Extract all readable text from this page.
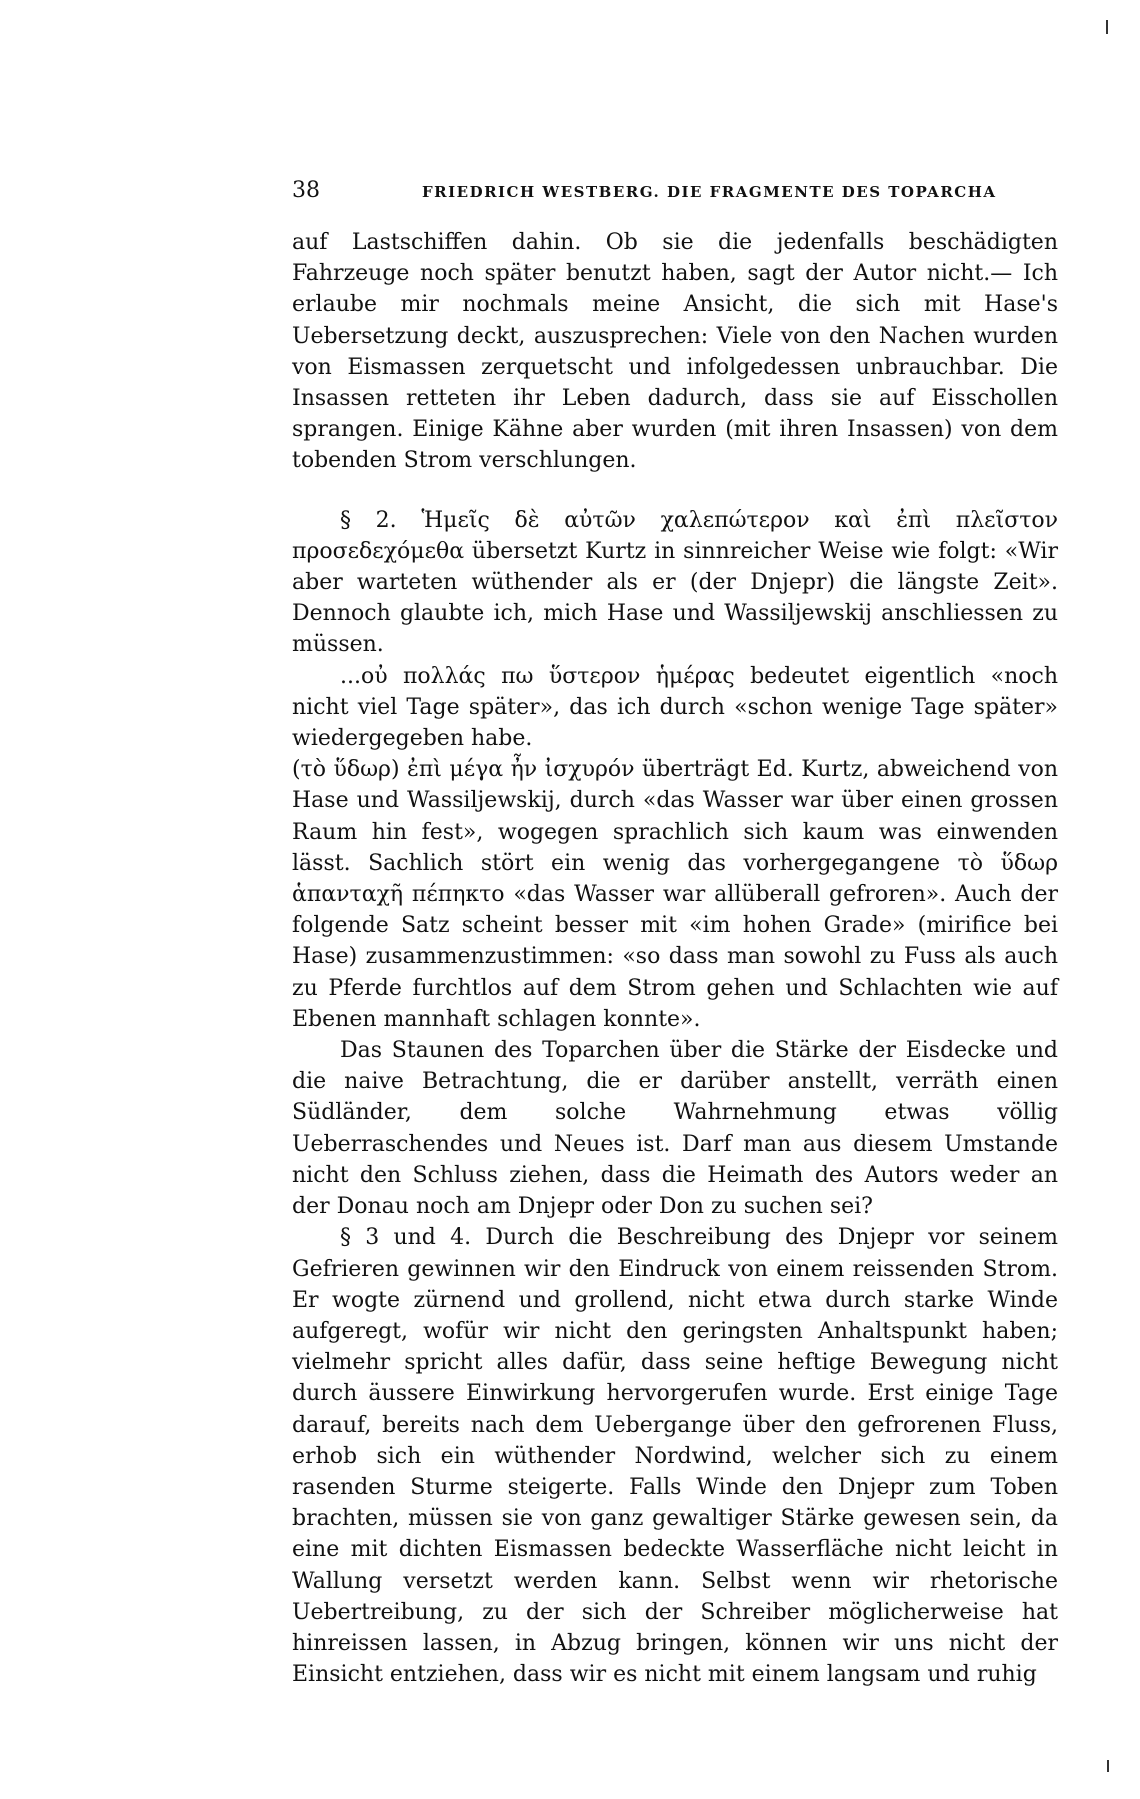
38	FRIEDRICH WESTBERG. DIE FRAGMENTE DES TOPARCHA

auf Lastschiffen dahin. Ob sie die jedenfalls beschädigten Fahrzeuge noch später benutzt haben, sagt der Autor nicht.— Ich erlaube mir nochmals meine Ansicht, die sich mit Hase's Uebersetzung deckt, auszusprechen: Viele von den Nachen wurden von Eismassen zerquetscht und infolgedessen unbrauchbar. Die Insassen retteten ihr Leben dadurch, dass sie auf Eisschollen sprangen. Einige Kähne aber wurden (mit ihren Insassen) von dem tobenden Strom verschlungen.

§ 2. Ἡμεῖς δὲ αὐτῶν χαλεπώτερον καὶ ἐπὶ πλεῖστον προσεδεχόμεθα übersetzt Kurtz in sinnreicher Weise wie folgt: «Wir aber warteten wüthender als er (der Dnjepr) die längste Zeit». Dennoch glaubte ich, mich Hase und Wassiljewskij anschliessen zu müssen.

...οὐ πολλάς πω ὕστερον ἡμέρας bedeutet eigentlich «noch nicht viel Tage später», das ich durch «schon wenige Tage später» wiedergegeben habe.

(τὸ ὕδωρ) ἐπὶ μέγα ἦν ἰσχυρόν überträgt Ed. Kurtz, abweichend von Hase und Wassiljewskij, durch «das Wasser war über einen grossen Raum hin fest», wogegen sprachlich sich kaum was einwenden lässt. Sachlich stört ein wenig das vorhergegangene τὸ ὕδωρ ἁπανταχῆ πέπηκτο «das Wasser war allüberall gefroren». Auch der folgende Satz scheint besser mit «im hohen Grade» (mirifice bei Hase) zusammenzustimmen: «so dass man sowohl zu Fuss als auch zu Pferde furchtlos auf dem Strom gehen und Schlachten wie auf Ebenen mannhaft schlagen konnte».

Das Staunen des Toparchen über die Stärke der Eisdecke und die naive Betrachtung, die er darüber anstellt, verräth einen Südländer, dem solche Wahrnehmung etwas völlig Ueberraschendes und Neues ist. Darf man aus diesem Umstande nicht den Schluss ziehen, dass die Heimath des Autors weder an der Donau noch am Dnjepr oder Don zu suchen sei?

§ 3 und 4. Durch die Beschreibung des Dnjepr vor seinem Gefrieren gewinnen wir den Eindruck von einem reissenden Strom. Er wogte zürnend und grollend, nicht etwa durch starke Winde aufgeregt, wofür wir nicht den geringsten Anhaltspunkt haben; vielmehr spricht alles dafür, dass seine heftige Bewegung nicht durch äussere Einwirkung hervorgerufen wurde. Erst einige Tage darauf, bereits nach dem Uebergange über den gefrorenen Fluss, erhob sich ein wüthender Nordwind, welcher sich zu einem rasenden Sturme steigerte. Falls Winde den Dnjepr zum Toben brachten, müssen sie von ganz gewaltiger Stärke gewesen sein, da eine mit dichten Eismassen bedeckte Wasserfläche nicht leicht in Wallung versetzt werden kann. Selbst wenn wir rhetorische Uebertreibung, zu der sich der Schreiber möglicherweise hat hinreissen lassen, in Abzug bringen, können wir uns nicht der Einsicht entziehen, dass wir es nicht mit einem langsam und ruhig
